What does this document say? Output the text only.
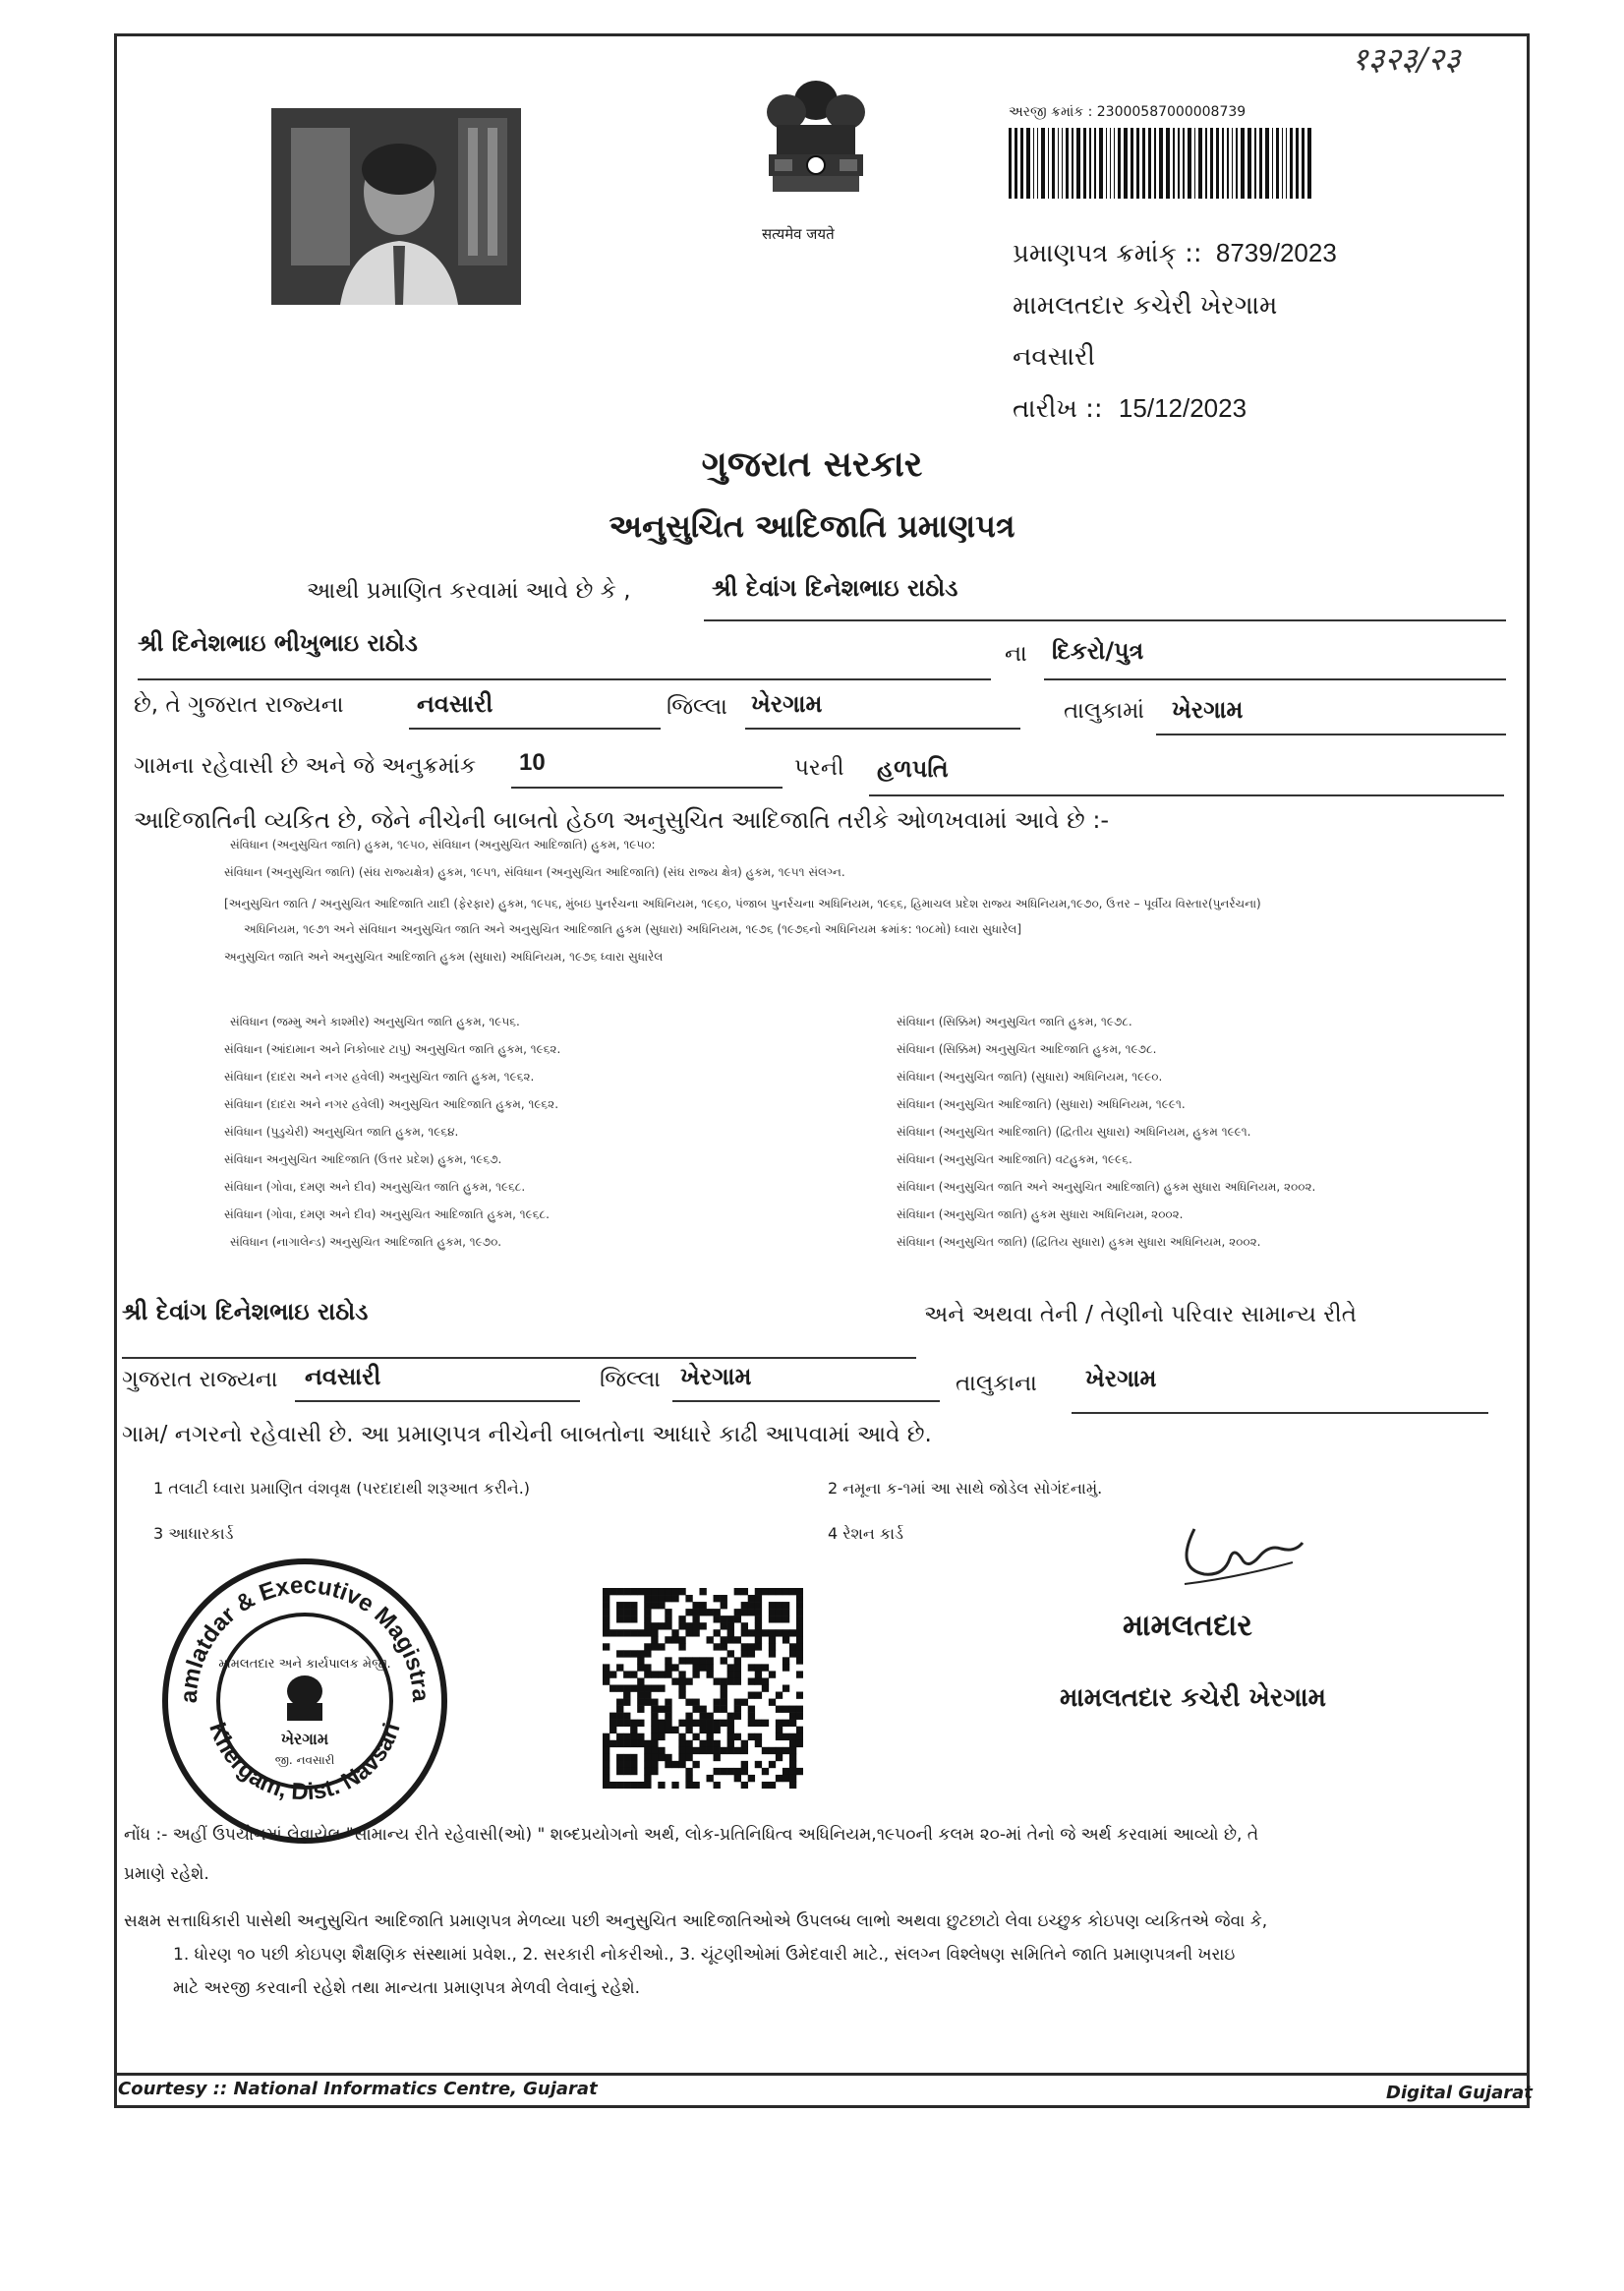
१३२३/२३
सत्यमेव जयते
અરજી ક્રમાંક : 23000587000008739
પ્રમાણપત્ર ક્રમાંક્ :: 8739/2023
મામલતદાર કચેરી ખેરગામ
નવસારી
તારીખ :: 15/12/2023
ગુજરાત સરકાર
અનુસુચિત આદિજાતિ પ્રમાણપત્ર
આથી પ્રમાણિત કરવામાં આવે છે કે ,	શ્રી દેવાંગ દિનેશભાઇ રાઠોડ
શ્રી દિનેશભાઇ ભીખુભાઇ રાઠોડ	ના દિકરો/પુત્ર
છે, તે ગુજરાત રાજ્યના	નવસારી	જિલ્લા ખેરગામ	તાલુકામાં ખેરગામ
ગામના રહેવાસી છે અને જે અનુક્રમાંક 10	પરની હળપતિ
આદિજાતિની વ્યકિત છે, જેને નીચેની બાબતો હેઠળ અનુસુચિત આદિજાતિ તરીકે ઓળખવામાં આવે છે :-
સંવિધાન (અનુસુચિત જાતિ) હુકમ, ૧૯૫૦, સંવિધાન (અનુસુચિત આદિજાતિ) હુકમ, ૧૯૫૦:
સંવિધાન (અનુસુચિત જાતિ) (સંઘ રાજ્યક્ષેત્ર) હુકમ, ૧૯૫૧, સંવિધાન (અનુસુચિત આદિજાતિ) (સંઘ રાજ્ય ક્ષેત્ર) હુકમ, ૧૯૫૧ સંલગ્ન.
[અનુસુચિત જાતિ / અનુસુચિત આદિજાતિ યાદી (ફેરફાર) હુકમ, ૧૯૫૬, મુંબઇ પુનર્રચના અધિનિયમ, ૧૯૬૦, પંજાબ પુનર્રચના અધિનિયમ, ૧૯૬૬, હિમાચલ પ્રદેશ રાજ્ય અધિનિયમ,૧૯૭૦, ઉત્તર – પૂર્વીય વિસ્તાર(પુનર્રચના)
અધિનિયમ, ૧૯૭૧ અને સંવિધાન અનુસુચિત જાતિ અને અનુસુચિત આદિજાતિ હુકમ (સુધારા) અધિનિયમ, ૧૯૭૬ (૧૯૭૬નો અધિનિયમ ક્રમાંક: ૧૦૮મો) ધ્વારા સુધારેલ]
અનુસુચિત જાતિ અને અનુસુચિત આદિજાતિ હુકમ (સુધારા) અધિનિયમ, ૧૯૭૬ ધ્વારા સુધારેલ
સંવિધાન (જમ્મુ અને કાશ્મીર) અનુસુચિત જાતિ હુકમ, ૧૯૫૬.
સંવિધાન (આંદામાન અને નિકોબાર ટાપુ) અનુસુચિત જાતિ હુકમ, ૧૯૬૨.
સંવિધાન (દાદરા અને નગર હવેલી) અનુસુચિત જાતિ હુકમ, ૧૯૬૨.
સંવિધાન (દાદરા અને નગર હવેલી) અનુસુચિત આદિજાતિ હુકમ, ૧૯૬૨.
સંવિધાન (પુડુચેરી) અનુસુચિત જાતિ હુકમ, ૧૯૬૪.
સંવિધાન અનુસુચિત આદિજાતિ (ઉત્તર પ્રદેશ) હુકમ, ૧૯૬૭.
સંવિધાન (ગોવા, દમણ અને દીવ) અનુસુચિત જાતિ હુકમ, ૧૯૬૮.
સંવિધાન (ગોવા, દમણ અને દીવ) અનુસુચિત આદિજાતિ હુકમ, ૧૯૬૮.
સંવિધાન (નાગાલેન્ડ) અનુસુચિત આદિજાતિ હુકમ, ૧૯૭૦.
સંવિધાન (સિક્કિમ) અનુસુચિત જાતિ હુકમ, ૧૯૭૮.
સંવિધાન (સિક્કિમ) અનુસુચિત આદિજાતિ હુકમ, ૧૯૭૮.
સંવિધાન (અનુસુચિત જાતિ) (સુધારા) અધિનિયમ, ૧૯૯૦.
સંવિધાન (અનુસુચિત આદિજાતિ) (સુધારા) અધિનિયમ, ૧૯૯૧.
સંવિધાન (અનુસુચિત આદિજાતિ) (દ્વિતીય સુધારા) અધિનિયમ, હુકમ ૧૯૯૧.
સંવિધાન (અનુસુચિત આદિજાતિ) વટહુકમ, ૧૯૯૬.
સંવિધાન (અનુસુચિત જાતિ અને અનુસુચિત આદિજાતિ) હુકમ સુધારા અધિનિયમ, ૨૦૦૨.
સંવિધાન (અનુસુચિત જાતિ) હુકમ સુધારા અધિનિયમ, ૨૦૦૨.
સંવિધાન (અનુસુચિત જાતિ) (દ્વિતિય સુધારા) હુકમ સુધારા અધિનિયમ, ૨૦૦૨.
શ્રી દેવાંગ દિનેશભાઇ રાઠોડ	અને અથવા તેની / તેણીનો પરિવાર સામાન્ય રીતે
ગુજરાત રાજ્યના નવસારી	જિલ્લા ખેરગામ	તાલુકાના ખેરગામ
ગામ/ નગરનો રહેવાસી છે. આ પ્રમાણપત્ર નીચેની બાબતોના આધારે કાઢી આપવામાં આવે છે.
1 તલાટી ધ્વારા પ્રમાણિત વંશવૃક્ષ (પરદાદાથી શરૂઆત કરીને.)	2 નમૂના ક-૧માં આ સાથે જોડેલ સોગંદનામું.
3 આધારકાર્ડ	4 રેશન કાર્ડ
amlatdar & Executive Magistra
Khergam, Dist. Navsari
મામલતદાર અને કાર્યપાલક મેજી.
ખેરગામ
જી. નવસારી
મામલતદાર
મામલતદાર કચેરી ખેરગામ
નોંધ :- અહીં ઉપયોગમાં લેવાયેલ "સામાન્ય રીતે રહેવાસી(ઓ) " શબ્દપ્રયોગનો અર્થ, લોક-પ્રતિનિધિત્વ અધિનિયમ,૧૯૫૦ની કલમ ૨૦-માં તેનો જે અર્થ કરવામાં આવ્યો છે, તે
પ્રમાણે રહેશે.
સક્ષમ સત્તાધિકારી પાસેથી અનુસુચિત આદિજાતિ પ્રમાણપત્ર મેળવ્યા પછી અનુસુચિત આદિજાતિઓએ ઉપલબ્ધ લાભો અથવા છુટછાટો લેવા ઇચ્છુક કોઇપણ વ્યકિતએ જેવા કે,
1. ધોરણ ૧૦ પછી કોઇપણ શૈક્ષણિક સંસ્થામાં પ્રવેશ., 2. સરકારી નોકરીઓ., 3. ચૂંટણીઓમાં ઉમેદવારી માટે., સંલગ્ન વિશ્લેષણ સમિતિને જાતિ પ્રમાણપત્રની ખરાઇ
માટે અરજી કરવાની રહેશે તથા માન્યતા પ્રમાણપત્ર મેળવી લેવાનું રહેશે.
Courtesy :: National Informatics Centre, Gujarat	Digital Gujarat
